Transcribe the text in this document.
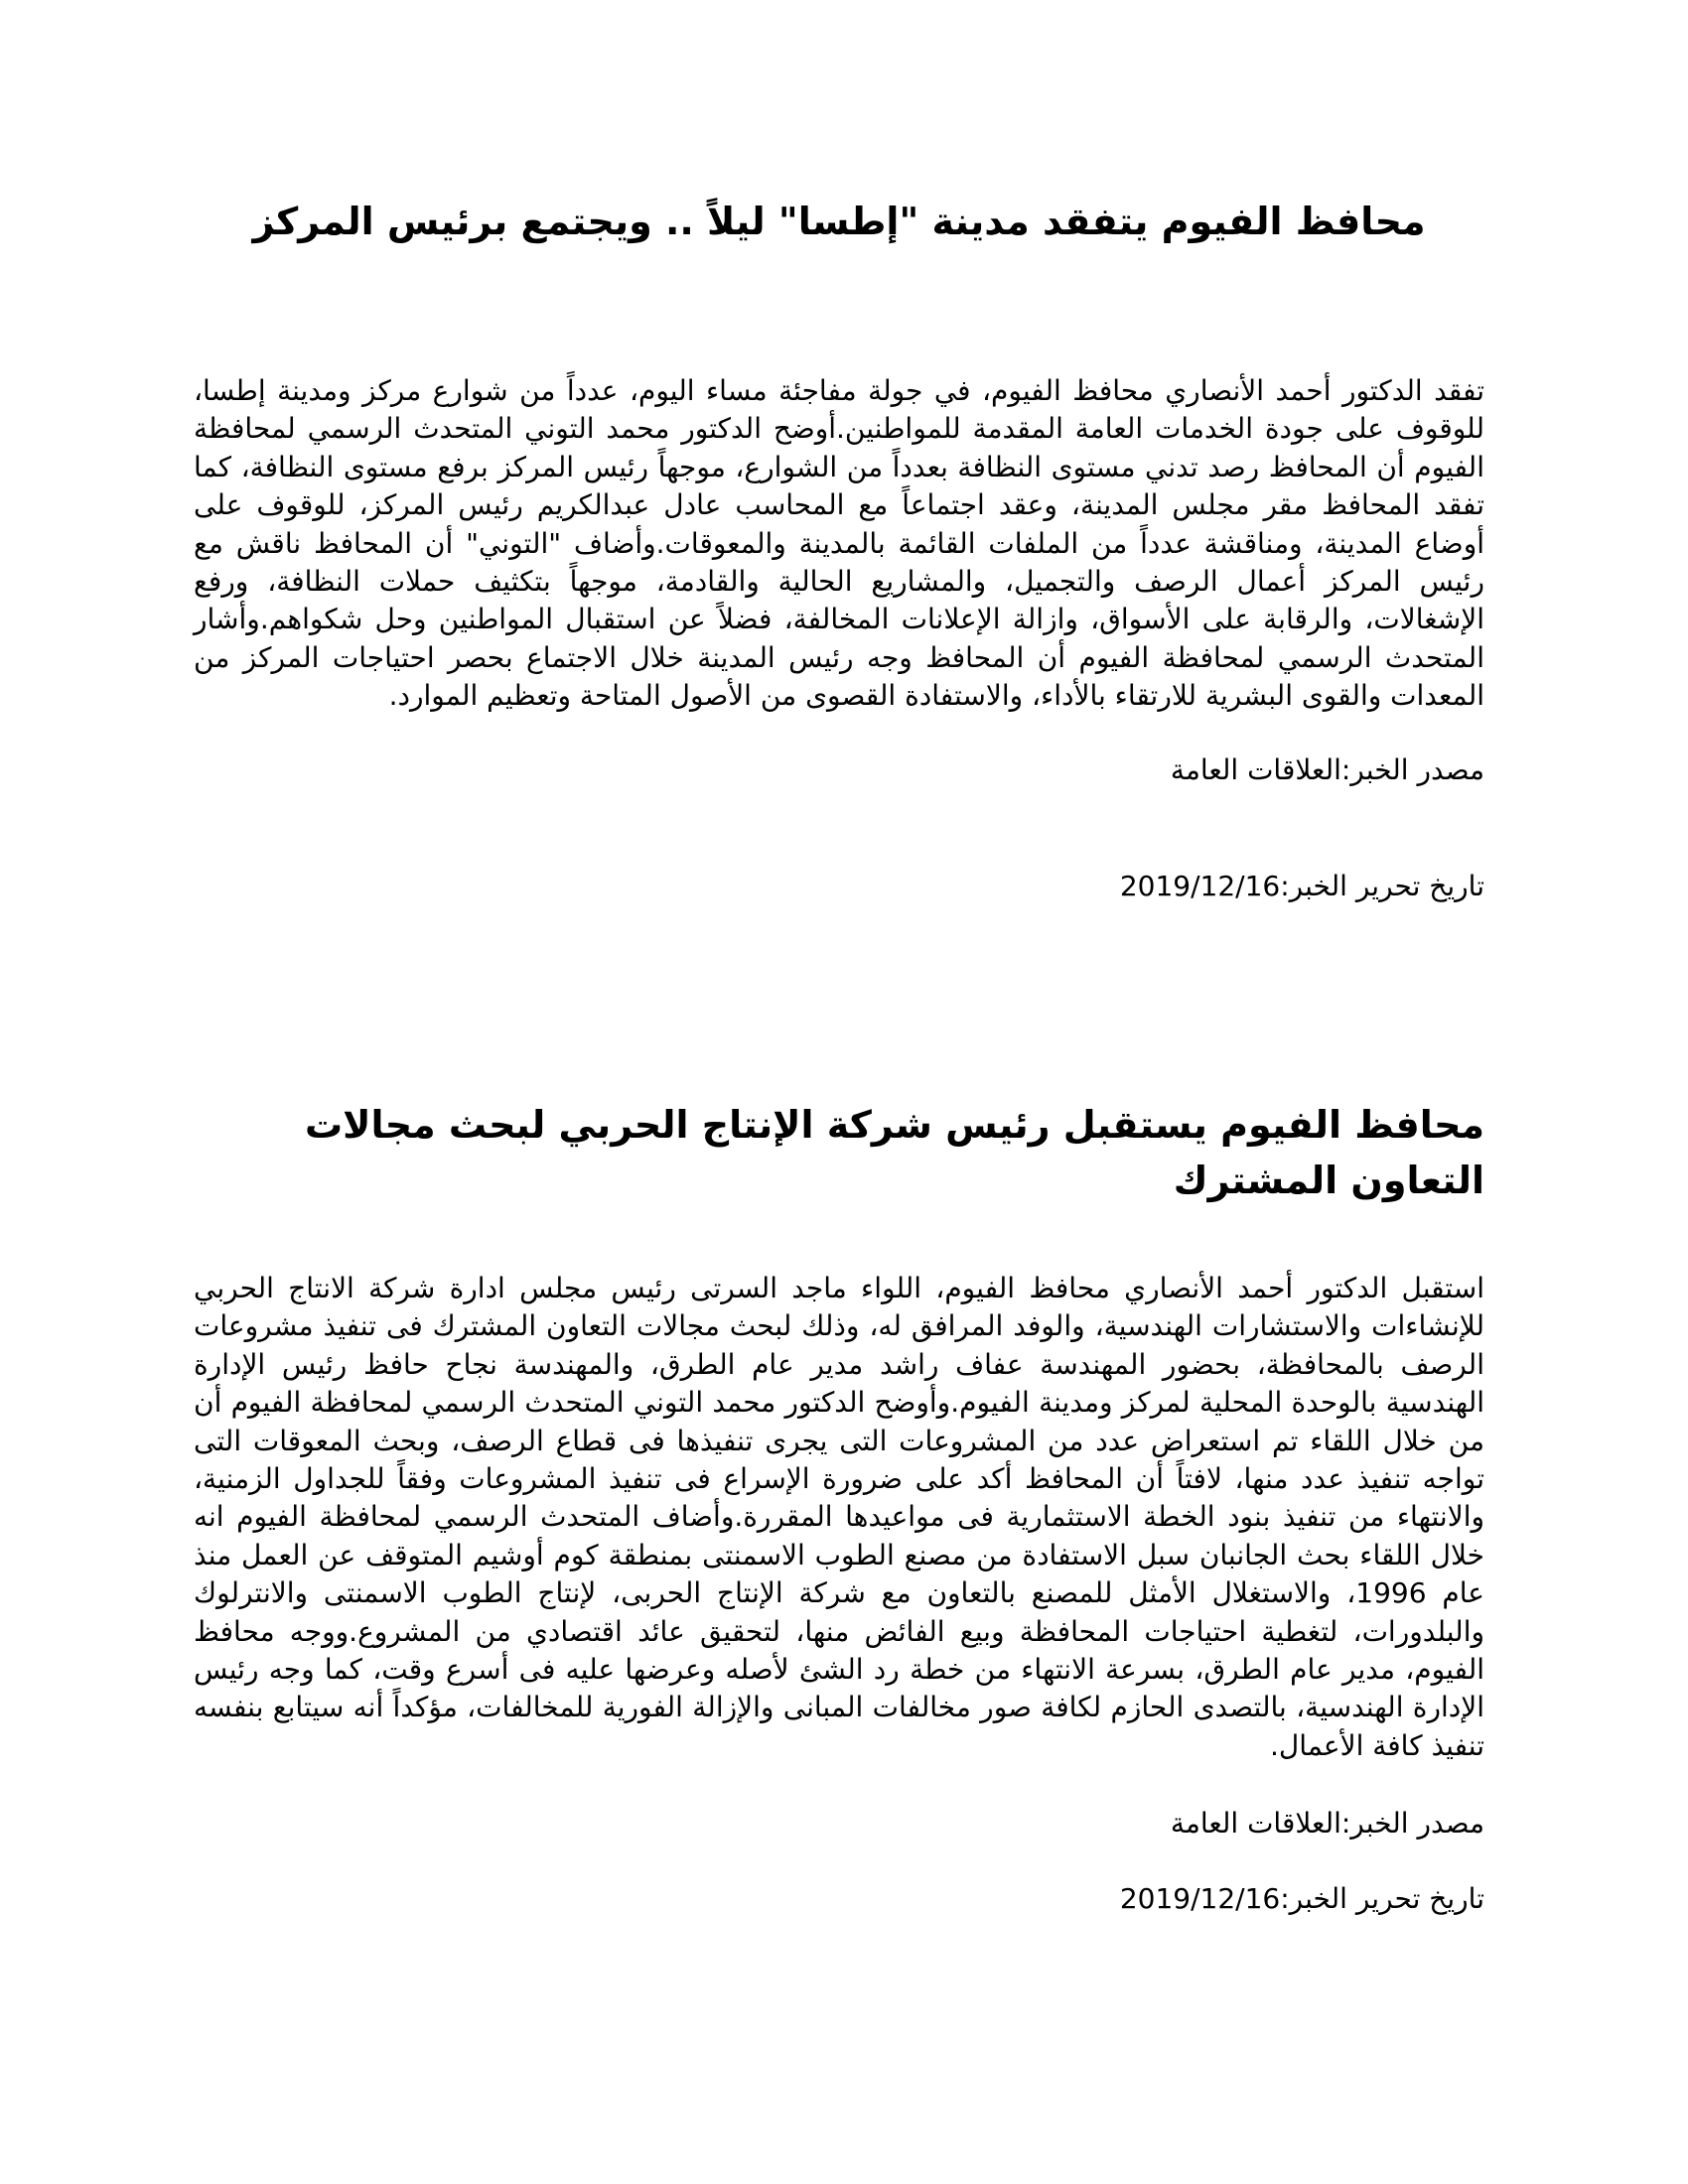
محافظ الفيوم يتفقد مدينة "إطسا" ليلاً .. ويجتمع برئيس المركز

تفقد الدكتور أحمد الأنصاري محافظ الفيوم، في جولة مفاجئة مساء اليوم، عدداً من شوارع مركز ومدينة إطسا، للوقوف على جودة الخدمات العامة المقدمة للمواطنين.أوضح الدكتور محمد التوني المتحدث الرسمي لمحافظة الفيوم أن المحافظ رصد تدني مستوى النظافة بعدداً من الشوارع، موجهاً رئيس المركز برفع مستوى النظافة، كما تفقد المحافظ مقر مجلس المدينة، وعقد اجتماعاً مع المحاسب عادل عبدالكريم رئيس المركز، للوقوف على أوضاع المدينة، ومناقشة عدداً من الملفات القائمة بالمدينة والمعوقات.وأضاف "التوني" أن المحافظ ناقش مع رئيس المركز أعمال الرصف والتجميل، والمشاريع الحالية والقادمة، موجهاً بتكثيف حملات النظافة، ورفع الإشغالات، والرقابة على الأسواق، وازالة الإعلانات المخالفة، فضلاً عن استقبال المواطنين وحل شكواهم.وأشار المتحدث الرسمي لمحافظة الفيوم أن المحافظ وجه رئيس المدينة خلال الاجتماع بحصر احتياجات المركز من المعدات والقوى البشرية للارتقاء بالأداء، والاستفادة القصوى من الأصول المتاحة وتعظيم الموارد.

مصدر الخبر:العلاقات العامة

تاريخ تحرير الخبر:2019/12/16

محافظ الفيوم يستقبل رئيس شركة الإنتاج الحربي لبحث مجالات التعاون المشترك

استقبل الدكتور أحمد الأنصاري محافظ الفيوم، اللواء ماجد السرتى رئيس مجلس ادارة شركة الانتاج الحربي للإنشاءات والاستشارات الهندسية، والوفد المرافق له، وذلك لبحث مجالات التعاون المشترك فى تنفيذ مشروعات الرصف بالمحافظة، بحضور المهندسة عفاف راشد مدير عام الطرق، والمهندسة نجاح حافظ رئيس الإدارة الهندسية بالوحدة المحلية لمركز ومدينة الفيوم.وأوضح الدكتور محمد التوني المتحدث الرسمي لمحافظة الفيوم أن من خلال اللقاء تم استعراض عدد من المشروعات التى يجرى تنفيذها فى قطاع الرصف، وبحث المعوقات التى تواجه تنفيذ عدد منها، لافتاً أن المحافظ أكد على ضرورة الإسراع فى تنفيذ المشروعات وفقاً للجداول الزمنية، والانتهاء من تنفيذ بنود الخطة الاستثمارية فى مواعيدها المقررة.وأضاف المتحدث الرسمي لمحافظة الفيوم انه خلال اللقاء بحث الجانبان سبل الاستفادة من مصنع الطوب الاسمنتى بمنطقة كوم أوشيم المتوقف عن العمل منذ عام 1996، والاستغلال الأمثل للمصنع بالتعاون مع شركة الإنتاج الحربى، لإنتاج الطوب الاسمنتى والانترلوك والبلدورات، لتغطية احتياجات المحافظة وبيع الفائض منها، لتحقيق عائد اقتصادي من المشروع.ووجه محافظ الفيوم، مدير عام الطرق، بسرعة الانتهاء من خطة رد الشئ لأصله وعرضها عليه فى أسرع وقت، كما وجه رئيس الإدارة الهندسية، بالتصدى الحازم لكافة صور مخالفات المبانى والإزالة الفورية للمخالفات، مؤكداً أنه سيتابع بنفسه تنفيذ كافة الأعمال.

مصدر الخبر:العلاقات العامة

تاريخ تحرير الخبر:2019/12/16
